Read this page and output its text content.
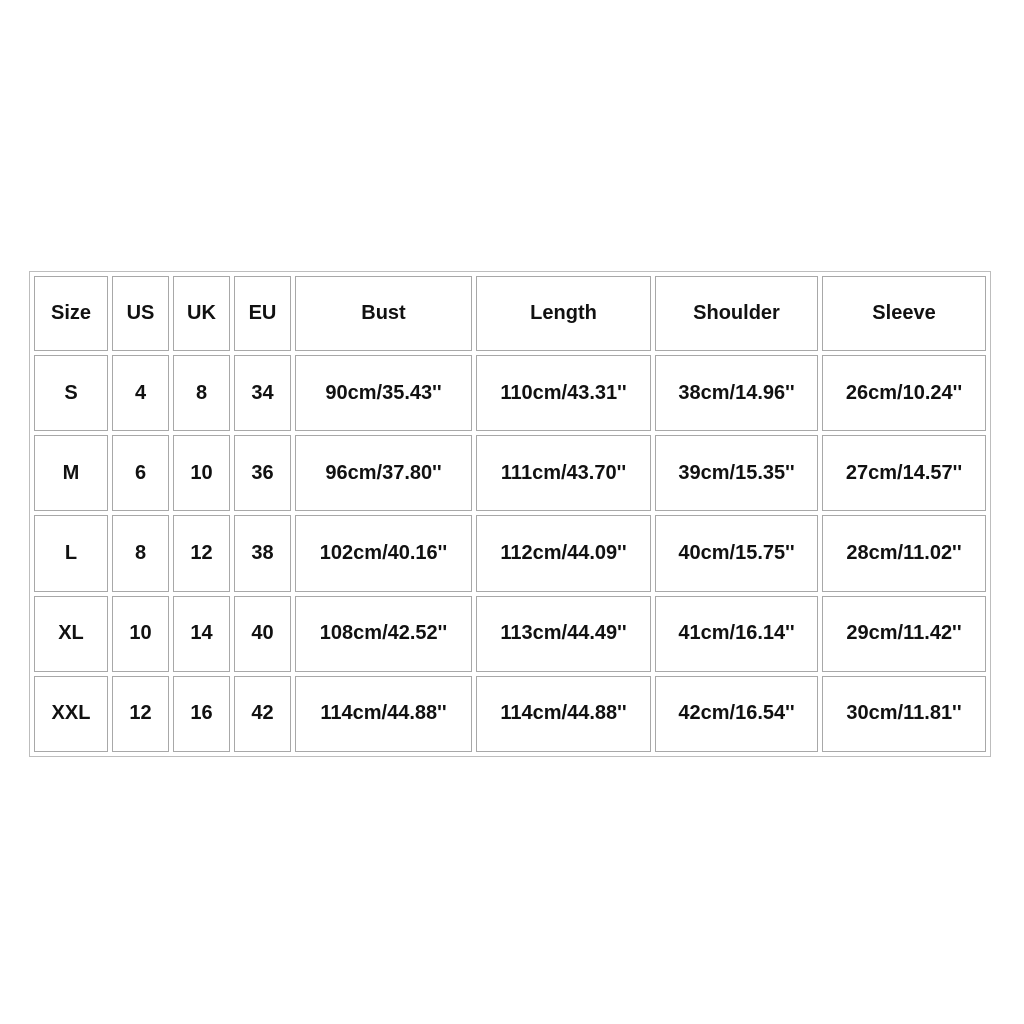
Size	US	UK	EU	Bust	Length	Shoulder	Sleeve
S	4	8	34	90cm/35.43''	110cm/43.31''	38cm/14.96''	26cm/10.24''
M	6	10	36	96cm/37.80''	111cm/43.70''	39cm/15.35''	27cm/14.57''
L	8	12	38	102cm/40.16''	112cm/44.09''	40cm/15.75''	28cm/11.02''
XL	10	14	40	108cm/42.52''	113cm/44.49''	41cm/16.14''	29cm/11.42''
XXL	12	16	42	114cm/44.88''	114cm/44.88''	42cm/16.54''	30cm/11.81''
